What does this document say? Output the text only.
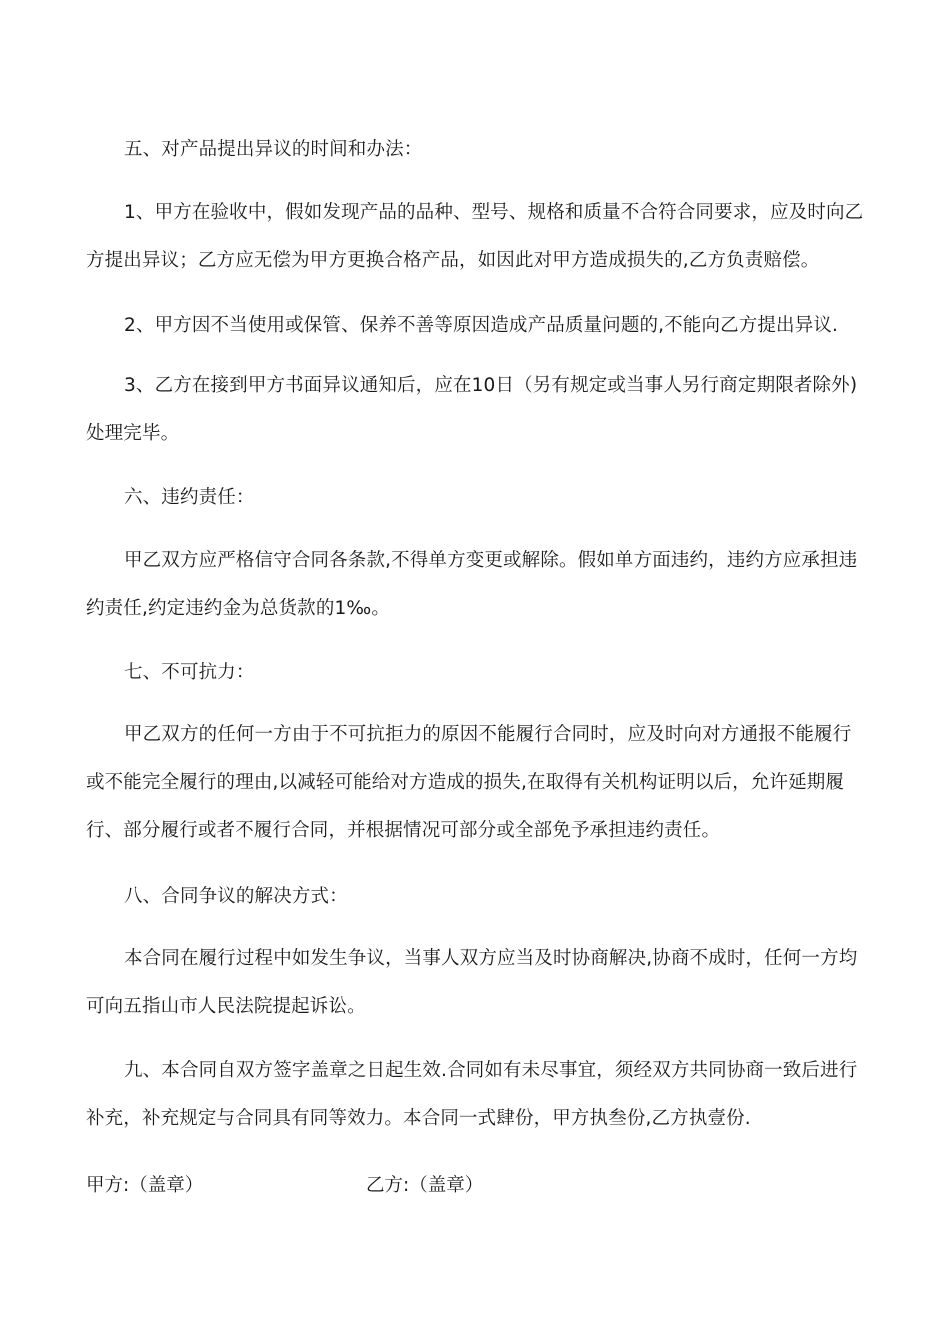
五、对产品提出异议的时间和办法：

1、甲方在验收中，假如发现产品的品种、型号、规格和质量不合符合同要求，应及时向乙方提出异议；乙方应无偿为甲方更换合格产品，如因此对甲方造成损失的,乙方负责赔偿。

2、甲方因不当使用或保管、保养不善等原因造成产品质量问题的,不能向乙方提出异议.

3、乙方在接到甲方书面异议通知后，应在10日（另有规定或当事人另行商定期限者除外)处理完毕。

六、违约责任：

甲乙双方应严格信守合同各条款,不得单方变更或解除。假如单方面违约，违约方应承担违约责任,约定违约金为总货款的1‰。

七、不可抗力：

甲乙双方的任何一方由于不可抗拒力的原因不能履行合同时，应及时向对方通报不能履行或不能完全履行的理由,以减轻可能给对方造成的损失,在取得有关机构证明以后，允许延期履行、部分履行或者不履行合同，并根据情况可部分或全部免予承担违约责任。

八、合同争议的解决方式：

本合同在履行过程中如发生争议，当事人双方应当及时协商解决,协商不成时，任何一方均可向五指山市人民法院提起诉讼。

九、本合同自双方签字盖章之日起生效.合同如有未尽事宜，须经双方共同协商一致后进行补充，补充规定与合同具有同等效力。本合同一式肆份，甲方执叁份,乙方执壹份.

甲方:（盖章）	乙方:（盖章）
